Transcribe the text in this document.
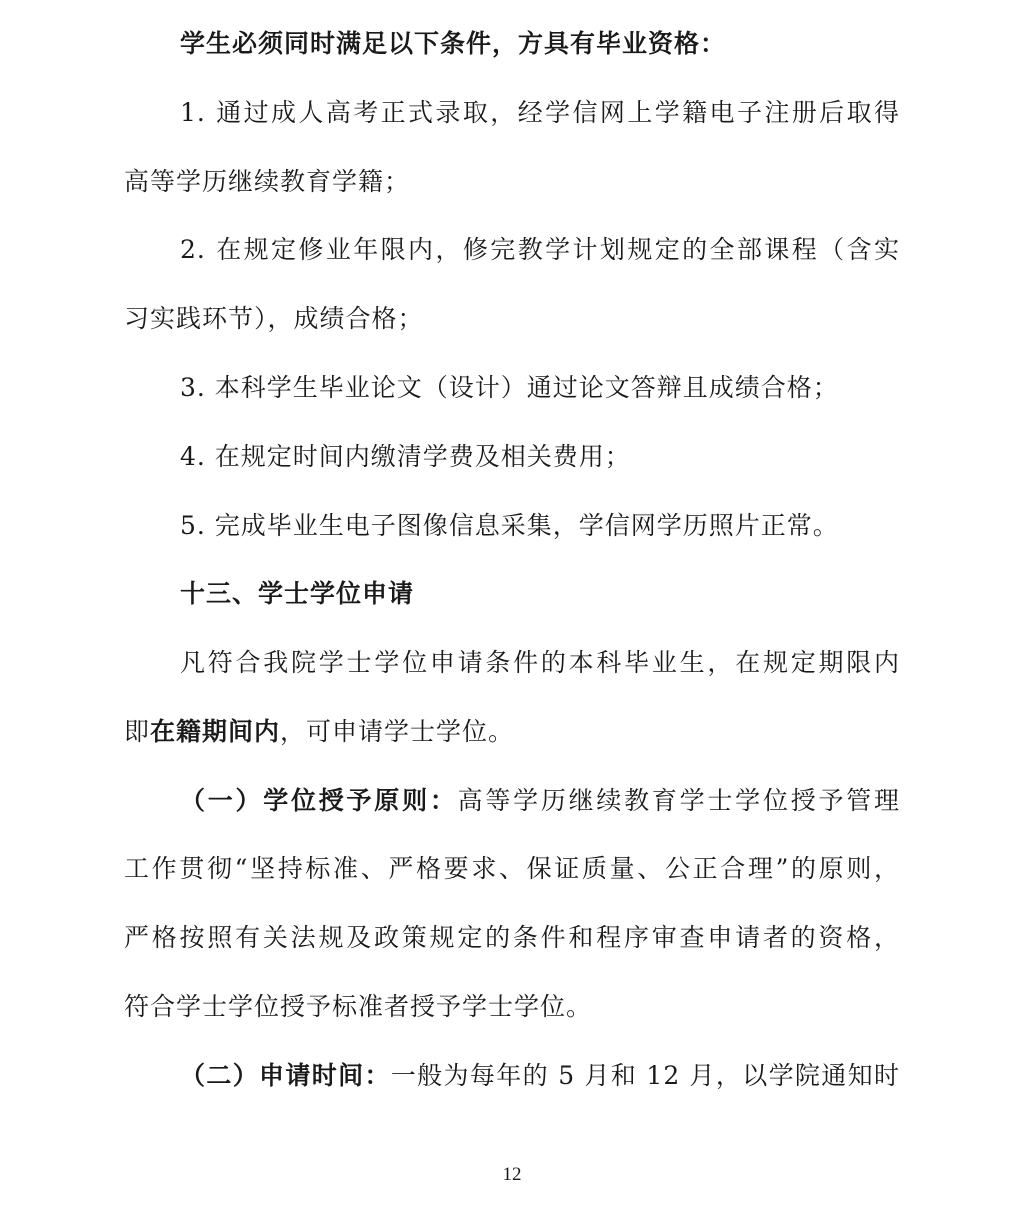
学生必须同时满足以下条件，方具有毕业资格：
1. 通过成人高考正式录取，经学信网上学籍电子注册后取得
高等学历继续教育学籍；
2. 在规定修业年限内，修完教学计划规定的全部课程（含实
习实践环节），成绩合格；
3. 本科学生毕业论文（设计）通过论文答辩且成绩合格；
4. 在规定时间内缴清学费及相关费用；
5. 完成毕业生电子图像信息采集，学信网学历照片正常。
十三、学士学位申请
凡符合我院学士学位申请条件的本科毕业生，在规定期限内
即在籍期间内，可申请学士学位。
（一）学位授予原则：高等学历继续教育学士学位授予管理
工作贯彻“坚持标准、严格要求、保证质量、公正合理”的原则，
严格按照有关法规及政策规定的条件和程序审查申请者的资格，
符合学士学位授予标准者授予学士学位。
（二）申请时间：一般为每年的 5 月和 12 月，以学院通知时
12
